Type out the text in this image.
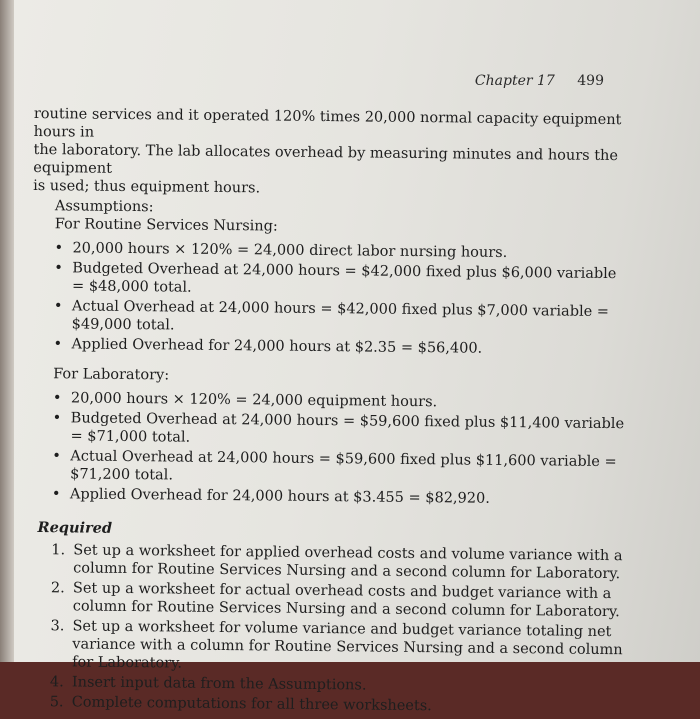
Chapter 17 499

routine services and it operated 120% times 20,000 normal capacity equipment hours in

the laboratory. The lab allocates overhead by measuring minutes and hours the equipment

is used; thus equipment hours.

Assumptions:

For Routine Services Nursing:

• 20,000 hours × 120% = 24,000 direct labor nursing hours.
• Budgeted Overhead at 24,000 hours = $42,000 fixed plus $6,000 variable = $48,000 total.
• Actual Overhead at 24,000 hours = $42,000 fixed plus $7,000 variable = $49,000 total.
• Applied Overhead for 24,000 hours at $2.35 = $56,400.

For Laboratory:

• 20,000 hours × 120% = 24,000 equipment hours.
• Budgeted Overhead at 24,000 hours = $59,600 fixed plus $11,400 variable = $71,000 total.
• Actual Overhead at 24,000 hours = $59,600 fixed plus $11,600 variable = $71,200 total.
• Applied Overhead for 24,000 hours at $3.455 = $82,920.

Required

1. Set up a worksheet for applied overhead costs and volume variance with a column for Routine Services Nursing and a second column for Laboratory.
2. Set up a worksheet for actual overhead costs and budget variance with a column for Routine Services Nursing and a second column for Laboratory.
3. Set up a worksheet for volume variance and budget variance totaling net variance with a column for Routine Services Nursing and a second column for Laboratory.
4. Insert input data from the Assumptions.
5. Complete computations for all three worksheets.
